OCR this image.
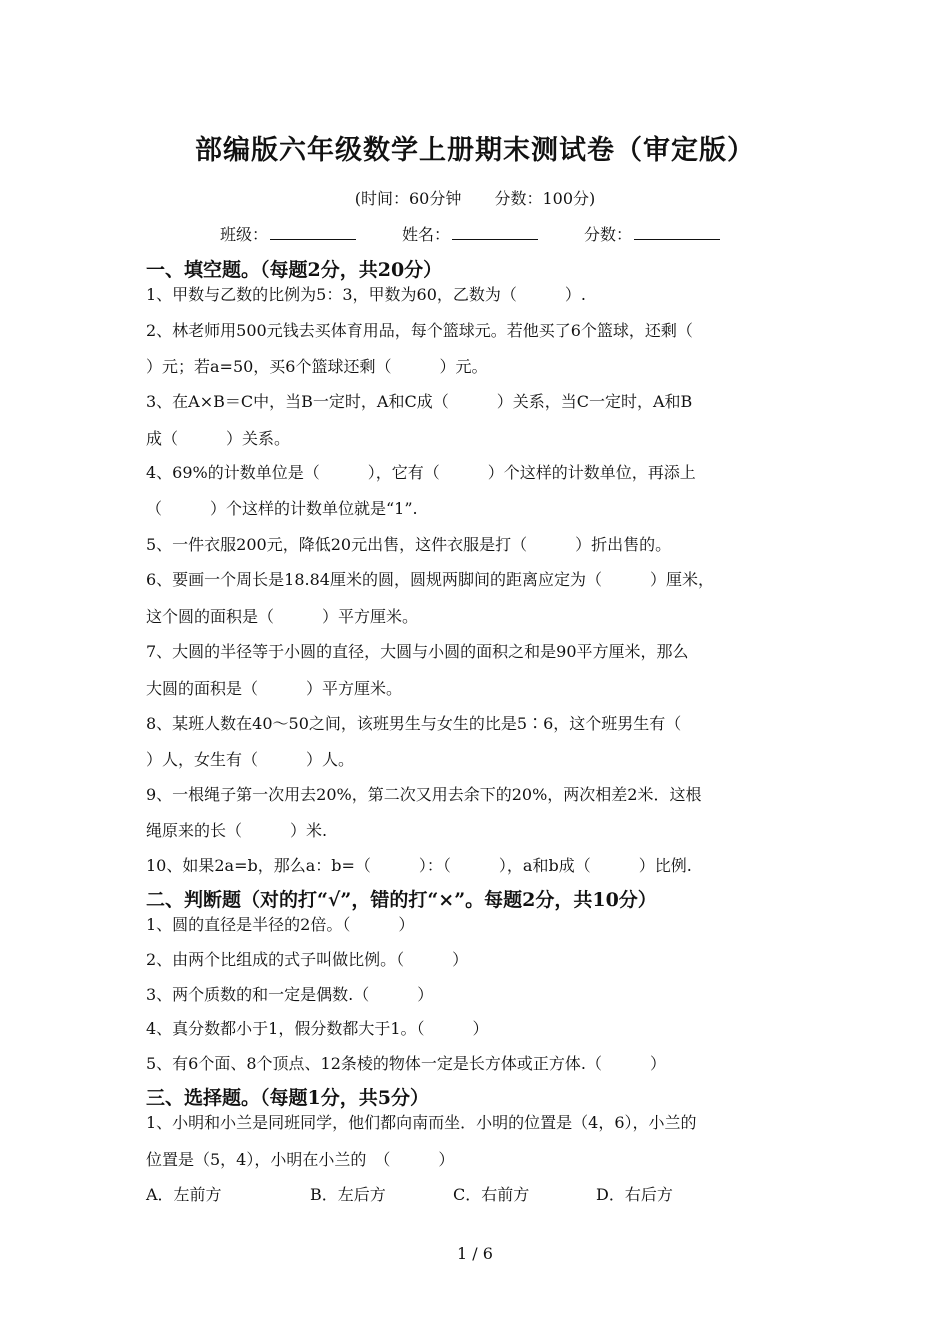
部编版六年级数学上册期末测试卷（审定版）
(时间：60分钟 分数：100分)
班级：	姓名：	分数：
一、填空题。（每题2分，共20分）
1、甲数与乙数的比例为5：3，甲数为60，乙数为（　　　）.
2、林老师用500元钱去买体育用品，每个篮球元。若他买了6个篮球，还剩（
）元；若a=50，买6个篮球还剩（　　　）元。
3、在A×B＝C中，当B一定时，A和C成（　　　）关系，当C一定时，A和B
成（　　　）关系。
4、69%的计数单位是（　　　），它有（　　　）个这样的计数单位，再添上
（　　　）个这样的计数单位就是“1”.
5、一件衣服200元，降低20元出售，这件衣服是打（　　　）折出售的。
6、要画一个周长是18.84厘米的圆，圆规两脚间的距离应定为（　　　）厘米，
这个圆的面积是（　　　）平方厘米。
7、大圆的半径等于小圆的直径，大圆与小圆的面积之和是90平方厘米，那么
大圆的面积是（　　　）平方厘米。
8、某班人数在40～50之间，该班男生与女生的比是5∶6，这个班男生有（
）人，女生有（　　　）人。
9、一根绳子第一次用去20%，第二次又用去余下的20%，两次相差2米．这根
绳原来的长（　　　）米.
10、如果2a=b，那么a：b=（　　　）：（　　　），a和b成（　　　）比例.
二、判断题（对的打“√”，错的打“×”。每题2分，共10分）
1、圆的直径是半径的2倍。（　　　）
2、由两个比组成的式子叫做比例。（　　　）
3、两个质数的和一定是偶数.（　　　）
4、真分数都小于1，假分数都大于1。（　　　）
5、有6个面、8个顶点、12条棱的物体一定是长方体或正方体.（　　　）
三、选择题。（每题1分，共5分）
1、小明和小兰是同班同学，他们都向南而坐．小明的位置是（4，6），小兰的
位置是（5，4），小明在小兰的　（　　　）
A．左前方	B．左后方	C．右前方	D．右后方
1 / 6
